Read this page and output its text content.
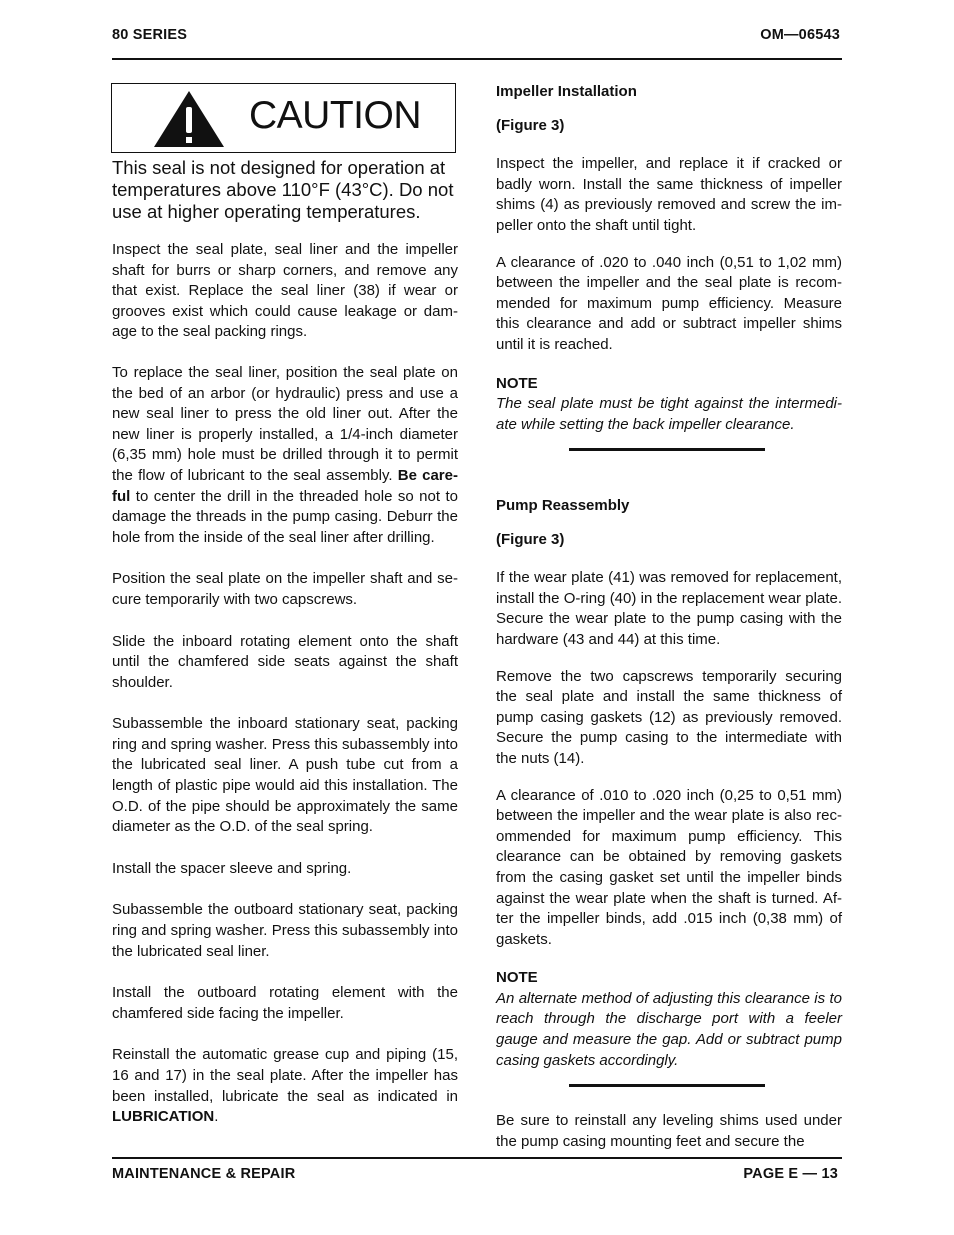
80 SERIES	OM—06543
CAUTION

This seal is not designed for operation at temperatures above 110°F (43°C). Do not use at higher operating temperatures.

Inspect the seal plate, seal liner and the impeller shaft for burrs or sharp corners, and remove any that exist. Replace the seal liner (38) if wear or grooves exist which could cause leakage or damage to the seal packing rings.

To replace the seal liner, position the seal plate on the bed of an arbor (or hydraulic) press and use a new seal liner to press the old liner out. After the new liner is properly installed, a 1/4-inch diameter (6,35 mm) hole must be drilled through it to permit the flow of lubricant to the seal assembly. Be careful to center the drill in the threaded hole so not to damage the threads in the pump casing. Deburr the hole from the inside of the seal liner after drilling.

Position the seal plate on the impeller shaft and secure temporarily with two capscrews.

Slide the inboard rotating element onto the shaft until the chamfered side seats against the shaft shoulder.

Subassemble the inboard stationary seat, packing ring and spring washer. Press this subassembly into the lubricated seal liner. A push tube cut from a length of plastic pipe would aid this installation. The O.D. of the pipe should be approximately the same diameter as the O.D. of the seal spring.

Install the spacer sleeve and spring.

Subassemble the outboard stationary seat, packing ring and spring washer. Press this subassembly into the lubricated seal liner.

Install the outboard rotating element with the chamfered side facing the impeller.

Reinstall the automatic grease cup and piping (15, 16 and 17) in the seal plate. After the impeller has been installed, lubricate the seal as indicated in LUBRICATION.

Impeller Installation

(Figure 3)

Inspect the impeller, and replace it if cracked or badly worn. Install the same thickness of impeller shims (4) as previously removed and screw the impeller onto the shaft until tight.

A clearance of .020 to .040 inch (0,51 to 1,02 mm) between the impeller and the seal plate is recommended for maximum pump efficiency. Measure this clearance and add or subtract impeller shims until it is reached.

NOTE

The seal plate must be tight against the intermediate while setting the back impeller clearance.

Pump Reassembly

(Figure 3)

If the wear plate (41) was removed for replacement, install the O-ring (40) in the replacement wear plate. Secure the wear plate to the pump casing with the hardware (43 and 44) at this time.

Remove the two capscrews temporarily securing the seal plate and install the same thickness of pump casing gaskets (12) as previously removed. Secure the pump casing to the intermediate with the nuts (14).

A clearance of .010 to .020 inch (0,25 to 0,51 mm) between the impeller and the wear plate is also recommended for maximum pump efficiency. This clearance can be obtained by removing gaskets from the casing gasket set until the impeller binds against the wear plate when the shaft is turned. After the impeller binds, add .015 inch (0,38 mm) of gaskets.

NOTE

An alternate method of adjusting this clearance is to reach through the discharge port with a feeler gauge and measure the gap. Add or subtract pump casing gaskets accordingly.

Be sure to reinstall any leveling shims used under the pump casing mounting feet and secure the

MAINTENANCE & REPAIR	PAGE E — 13
